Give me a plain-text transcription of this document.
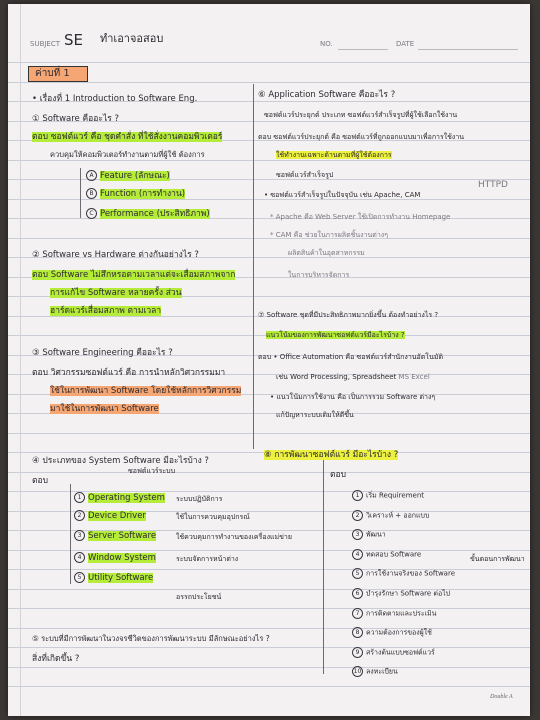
SUBJECT SE ทำเอาจอสอบ	NO.	DATE
ค่าบที่ 1
• เรื่องที่ 1 Introduction to Software Eng.
① Software คืออะไร ?
ตอบ ซอฟต์แวร์ คือ ชุดคำสั่ง ที่ใช้สั่งงานคอมพิวเตอร์
ควบคุมให้คอมพิวเตอร์ทำงานตามที่ผู้ใช้ ต้องการ
A Feature (ลักษณะ)
B Function (การทำงาน)
C Performance (ประสิทธิภาพ)
② Software vs Hardware ต่างกันอย่างไร ?
ตอบ Software ไม่สึกหรอตามเวลาแต่จะเสื่อมสภาพจาก
การแก้ไข Software หลายครั้ง ส่วน
ฮาร์ดแวร์เสื่อมสภาพ ตามเวลา
③ Software Engineering คืออะไร ?
ตอบ วิศวกรรมซอฟต์แวร์ คือ การนำหลักวิศวกรรมมา
ใช้ในการพัฒนา Software โดยใช้หลักการวิศวกรรม
มาใช้ในการพัฒนา Software
④ ประเภทของ System Software มีอะไรบ้าง ?
ตอบ
ซอฟต์แวร์ระบบ
1 Operating System ระบบปฏิบัติการ
2 Device Driver	ใช้ในการควบคุมอุปกรณ์
3 Server Software	ใช้ควบคุมการทำงานของเครื่องแม่ข่าย
4 Window System	ระบบจัดการหน้าต่าง
5 Utility Software
อรรถประโยชน์
⑤ ระบบที่มีการพัฒนาในวงจรชีวิตของการพัฒนาระบบ มีลักษณะอย่างไร ?
สิ่งที่เกิดขึ้น ?
⑥ Application Software คืออะไร ?
ซอฟต์แวร์ประยุกต์ ประเภท ซอฟต์แวร์สำเร็จรูปที่ผู้ใช้เลือกใช้งาน
ตอบ ซอฟต์แวร์ประยุกต์ คือ ซอฟต์แวร์ที่ถูกออกแบบมาเพื่อการใช้งาน
ใช้ทำงานเฉพาะด้านตามที่ผู้ใช้ต้องการ
ซอฟต์แวร์สำเร็จรูป
• ซอฟต์แวร์สำเร็จรูปในปัจจุบัน เช่น Apache, CAM
HTTPD
* Apache คือ Web Server ใช้เปิดการทำงาน Homepage
* CAM คือ ช่วยในการผลิตชิ้นงานต่างๆ
ผลิตสินค้าในอุตสาหกรรม
ในการบริหารจัดการ
⑦ Software ชุดที่มีประสิทธิภาพมากยิ่งขึ้น ต้องทำอย่างไร ?
แนวโน้มของการพัฒนาซอฟต์แวร์มีอะไรบ้าง ?
ตอบ • Office Automation คือ ซอฟต์แวร์สำนักงานอัตโนมัติ
เช่น Word Processing, Spreadsheet MS Excel
• แนวโน้มการใช้งาน คือ เป็นการรวม Software ต่างๆ
แก้ปัญหาระบบเดิมให้ดีขึ้น
⑧ การพัฒนาซอฟต์แวร์ มีอะไรบ้าง ?
ตอบ
ขั้นตอนการพัฒนา
1 เริ่ม Requirement
2 วิเคราะห์ + ออกแบบ
3 พัฒนา
4 ทดสอบ Software
5 การใช้งานจริงของ Software
6 บำรุงรักษา Software ต่อไป
7 การติดตามและประเมิน
8 ความต้องการของผู้ใช้
9 สร้างต้นแบบซอฟต์แวร์
10 ลงทะเบียน
Double A
